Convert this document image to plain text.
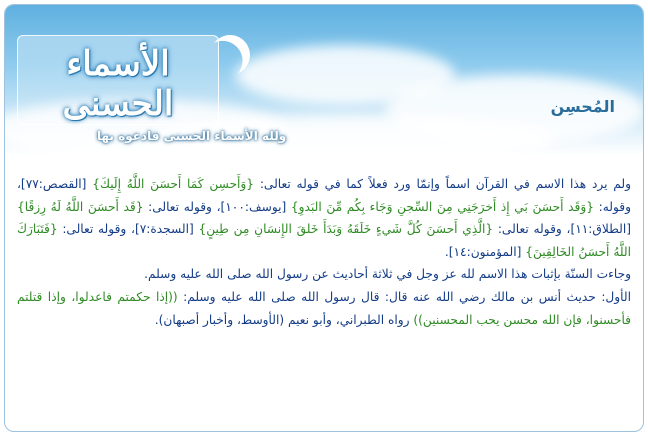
الأسماء الحسنى
ولله الأسماء الحسنى فادعوه بها
المُحسِن

ولم يرد هذا الاسم في القرآن اسماً وإنمّا ورد فعلاً كما في قوله تعالى: {وَأَحسِن كَمَا أَحسَنَ اللَّهُ إِلَيكَ} [القصص:٧٧]، وقوله: {وَقَد أَحسَنَ بَي إِذ أَخرَجَنِي مِنَ السِّجنِ وَجَاء بِكُم مِّنَ البَدوِ} [يوسف:١٠٠]، وقوله تعالى: {قَد أَحسَنَ اللَّهُ لَهُ رِزقًا} [الطلاق:١١]، وقوله تعالى: {الَّذِي أَحسَنَ كُلَّ شَيءٍ خَلَقَهُ وَبَدَأَ خَلقَ الإِنسَانِ مِن طِينٍ} [السجدة:٧]، وقوله تعالى: {فَتَبَارَكَ اللَّهُ أَحسَنُ الخَالِقِينَ} [المؤمنون:١٤].

وجاءت السنّة بإثبات هذا الاسم لله عز وجل في ثلاثة أحاديث عن رسول الله صلى الله عليه وسلم.

الأول: حديث أنس بن مالك رضي الله عنه قال: قال رسول الله صلى الله عليه وسلم: ((إذا حكمتم فاعدلوا، وإذا قتلتم فأحسنوا، فإن الله محسن يحب المحسنين)) رواه الطبراني، وأبو نعيم (الأوسط، وأخبار أصبهان).
